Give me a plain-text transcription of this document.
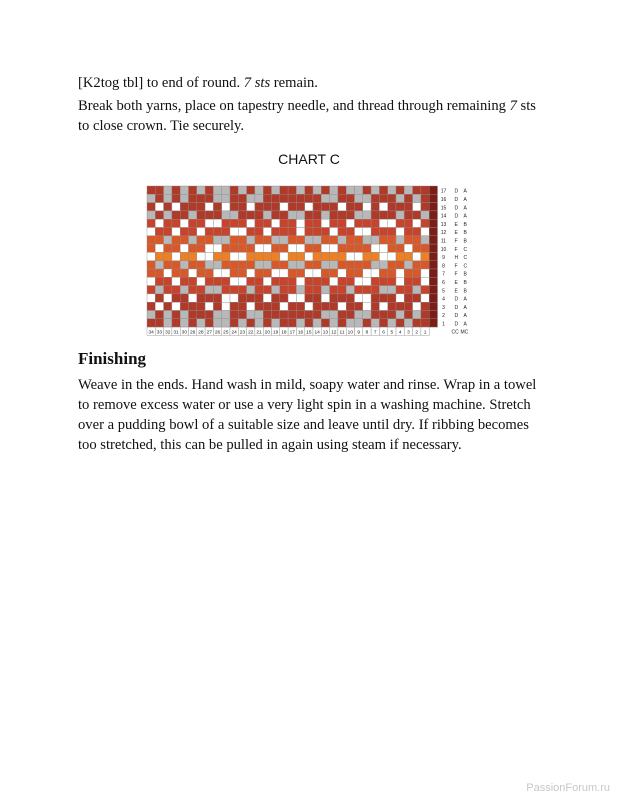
[K2tog tbl] to end of round. 7 sts remain.

Break both yarns, place on tapestry needle, and thread through remaining 7 sts to close crown. Tie securely.

CHART C
17 D A
16 D A
15 D A
14 D A
13 E B
12 E B
11 F B
10 F C
9 H C
8 F C
7 F B
6 E B
5 E B
4 D A
3 D A
2 D A
1 D A
34 33 32 31 30 29 28 27 26 25 24 23 22 21 20 19 18 17 16 15 14 13 12 11 10 9 8 7 6 5 4 3 2 1	CC MC
Finishing

Weave in the ends. Hand wash in mild, soapy water and rinse. Wrap in a towel to remove excess water or use a very light spin in a washing machine. Stretch over a pudding bowl of a suitable size and leave until dry. If ribbing becomes too stretched, this can be pulled in again using steam if necessary.

PassionForum.ru
